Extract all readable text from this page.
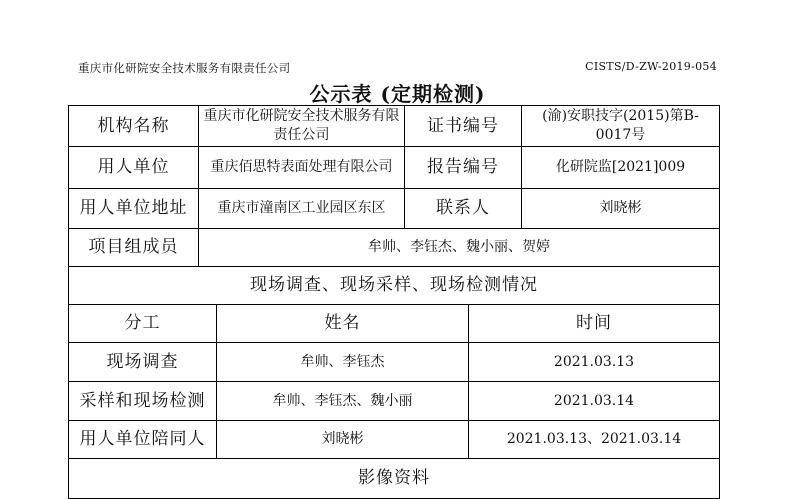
重庆市化研院安全技术服务有限责任公司	CISTS/D-ZW-2019-054
公示表 (定期检测)
机构名称	重庆市化研院安全技术服务有限责任公司		证书编号		(渝)安职技字(2015)第B-0017号
用人单位	重庆佰思特表面处理有限公司		报告编号		化研院监[2021]009
用人单位地址	重庆市潼南区工业园区东区		联系人		刘晓彬
项目组成员	牟帅、李钰杰、魏小丽、贺婷				
现场调查、现场采样、现场检测情况					
分工		姓名		时间	
现场调查		牟帅、李钰杰		2021.03.13	
采样和现场检测		牟帅、李钰杰、魏小丽		2021.03.14	
用人单位陪同人		刘晓彬		2021.03.13、2021.03.14	
影像资料					
